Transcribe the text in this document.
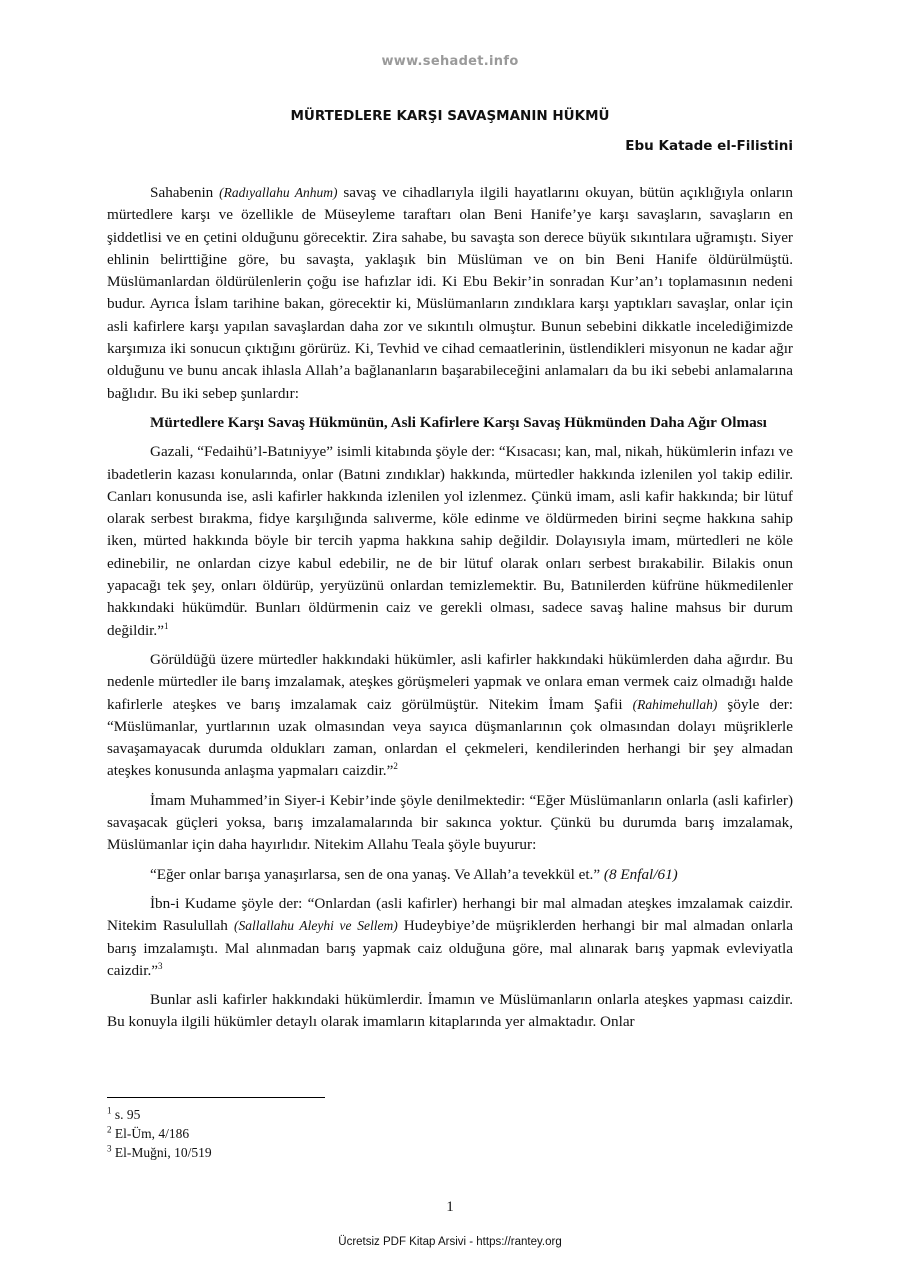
www.sehadet.info
MÜRTEDLERE KARŞI SAVAŞMANIN HÜKMÜ
Ebu Katade el-Filistini

Sahabenin (Radıyallahu Anhum) savaş ve cihadlarıyla ilgili hayatlarını okuyan, bütün açıklığıyla onların mürtedlere karşı ve özellikle de Müseyleme taraftarı olan Beni Hanife’ye karşı savaşların, savaşların en şiddetlisi ve en çetini olduğunu görecektir. Zira sahabe, bu savaşta son derece büyük sıkıntılara uğramıştı. Siyer ehlinin belirttiğine göre, bu savaşta, yaklaşık bin Müslüman ve on bin Beni Hanife öldürülmüştü. Müslümanlardan öldürülenlerin çoğu ise hafızlar idi. Ki Ebu Bekir’in sonradan Kur’an’ı toplamasının nedeni budur. Ayrıca İslam tarihine bakan, görecektir ki, Müslümanların zındıklara karşı yaptıkları savaşlar, onlar için asli kafirlere karşı yapılan savaşlardan daha zor ve sıkıntılı olmuştur. Bunun sebebini dikkatle incelediğimizde karşımıza iki sonucun çıktığını görürüz. Ki, Tevhid ve cihad cemaatlerinin, üstlendikleri misyonun ne kadar ağır olduğunu ve bunu ancak ihlasla Allah’a bağlananların başarabileceğini anlamaları da bu iki sebebi anlamalarına bağlıdır. Bu iki sebep şunlardır:

Mürtedlere Karşı Savaş Hükmünün, Asli Kafirlere Karşı Savaş Hükmünden Daha Ağır Olması

Gazali, “Fedaihü’l-Batıniyye” isimli kitabında şöyle der: “Kısacası; kan, mal, nikah, hükümlerin infazı ve ibadetlerin kazası konularında, onlar (Batıni zındıklar) hakkında, mürtedler hakkında izlenilen yol takip edilir. Canları konusunda ise, asli kafirler hakkında izlenilen yol izlenmez. Çünkü imam, asli kafir hakkında; bir lütuf olarak serbest bırakma, fidye karşılığında salıverme, köle edinme ve öldürmeden birini seçme hakkına sahip iken, mürted hakkında böyle bir tercih yapma hakkına sahip değildir. Dolayısıyla imam, mürtedleri ne köle edinebilir, ne onlardan cizye kabul edebilir, ne de bir lütuf olarak onları serbest bırakabilir. Bilakis onun yapacağı tek şey, onları öldürüp, yeryüzünü onlardan temizlemektir. Bu, Batınilerden küfrüne hükmedilenler hakkındaki hükümdür. Bunları öldürmenin caiz ve gerekli olması, sadece savaş haline mahsus bir durum değildir.”$^1$

Görüldüğü üzere mürtedler hakkındaki hükümler, asli kafirler hakkındaki hükümlerden daha ağırdır. Bu nedenle mürtedler ile barış imzalamak, ateşkes görüşmeleri yapmak ve onlara eman vermek caiz olmadığı halde kafirlerle ateşkes ve barış imzalamak caiz görülmüştür. Nitekim İmam Şafii (Rahimehullah) şöyle der: “Müslümanlar, yurtlarının uzak olmasından veya sayıca düşmanlarının çok olmasından dolayı müşriklerle savaşamayacak durumda oldukları zaman, onlardan el çekmeleri, kendilerinden herhangi bir şey almadan ateşkes konusunda anlaşma yapmaları caizdir.”$^2$

İmam Muhammed’in Siyer-i Kebir’inde şöyle denilmektedir: “Eğer Müslümanların onlarla (asli kafirler) savaşacak güçleri yoksa, barış imzalamalarında bir sakınca yoktur. Çünkü bu durumda barış imzalamak, Müslümanlar için daha hayırlıdır. Nitekim Allahu Teala şöyle buyurur:

“Eğer onlar barışa yanaşırlarsa, sen de ona yanaş. Ve Allah’a tevekkül et.” (8 Enfal/61)

İbn-i Kudame şöyle der: “Onlardan (asli kafirler) herhangi bir mal almadan ateşkes imzalamak caizdir. Nitekim Rasulullah (Sallallahu Aleyhi ve Sellem) Hudeybiye’de müşriklerden herhangi bir mal almadan onlarla barış imzalamıştı. Mal alınmadan barış yapmak caiz olduğuna göre, mal alınarak barış yapmak evleviyatla caizdir.”$^3$

Bunlar asli kafirler hakkındaki hükümlerdir. İmamın ve Müslümanların onlarla ateşkes yapması caizdir. Bu konuyla ilgili hükümler detaylı olarak imamların kitaplarında yer almaktadır. Onlar

$^1$ s. 95
$^2$ El-Üm, 4/186
$^3$ El-Muğni, 10/519
1
Ücretsiz PDF Kitap Arsivi - https://rantey.org
